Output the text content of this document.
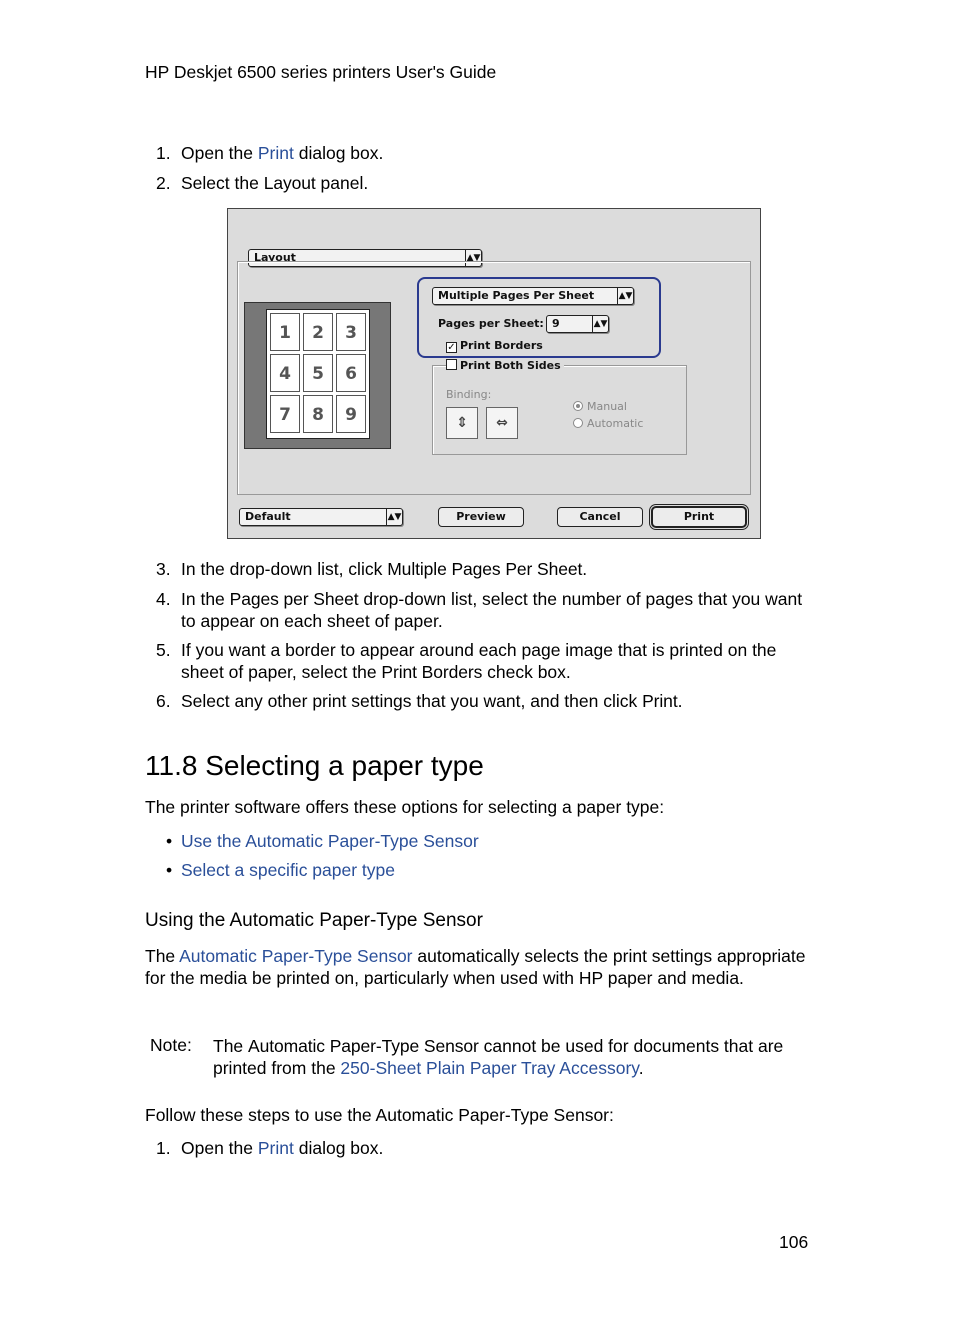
HP Deskjet 6500 series printers User's Guide
1. Open the Print dialog box.
2. Select the Layout panel.
Layout	▲▼
1	2	3
4	5	6
7	8	9
Multiple Pages Per Sheet	▲▼
Pages per Sheet: 9	▲▼
✓ Print Borders
Print Both Sides
Binding:
⇕	⇔
Manual
Automatic
Default	▲▼	Preview	Cancel	Print
3. In the drop-down list, click Multiple Pages Per Sheet.
4. In the Pages per Sheet drop-down list, select the number of pages that you want to appear on each sheet of paper.
5. If you want a border to appear around each page image that is printed on the sheet of paper, select the Print Borders check box.
6. Select any other print settings that you want, and then click Print.
11.8 Selecting a paper type
The printer software offers these options for selecting a paper type:
• Use the Automatic Paper-Type Sensor
• Select a specific paper type
Using the Automatic Paper-Type Sensor
The Automatic Paper-Type Sensor automatically selects the print settings appropriate for the media be printed on, particularly when used with HP paper and media.
Note: The Automatic Paper-Type Sensor cannot be used for documents that are printed from the 250-Sheet Plain Paper Tray Accessory.
Follow these steps to use the Automatic Paper-Type Sensor:
1. Open the Print dialog box.
106
